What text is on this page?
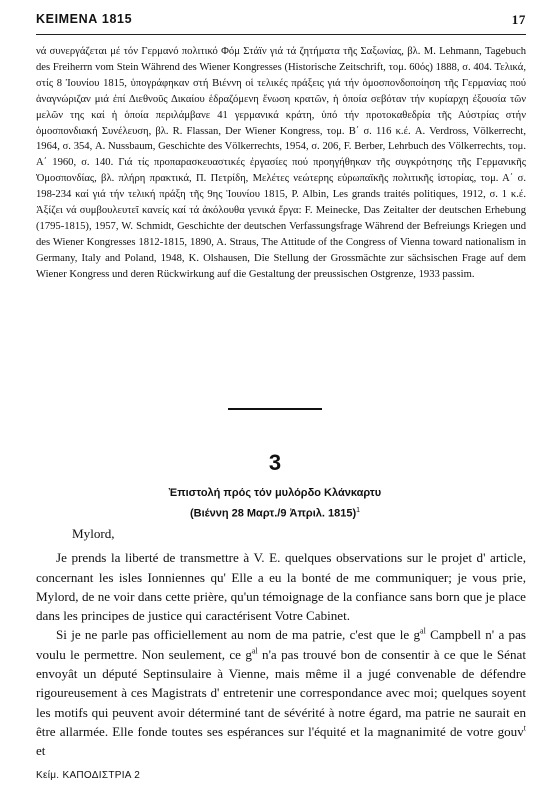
ΚΕΙΜΕΝΑ 1815	17

νά συνεργάζεται μέ τόν Γερμανό πολιτικό Φόμ Στάϊν γιά τά ζητήματα τῆς Σαξωνίας, βλ. M. Lehmann, Tagebuch des Freiherrn vom Stein Während des Wiener Kongresses (Historische Zeitschrift, τομ. 60ός) 1888, σ. 404. Τελικά, στίς 8 Ἰουνίου 1815, ὑπογράφηκαν στή Βιέννη οἱ τελικές πράξεις γιά τήν ὁμοσπονδοποίηση τῆς Γερμανίας πού ἀναγνώριζαν μιά ἐπί Διεθνοῦς Δικαίου ἑδραζόμενη ἕνωση κρατῶν, ἡ ὁποία σεβόταν τήν κυρίαρχη ἐξουσία τῶν μελῶν της καί ἡ ὁποία περιλάμβανε 41 γερμανικά κράτη, ὑπό τήν προτοκαθεδρία τῆς Αὐστρίας στήν ὁμοσπονδιακή Συνέλευση, βλ. R. Flassan, Der Wiener Kongress, τομ. Β΄ σ. 116 κ.έ. A. Verdross, Völkerrecht, 1964, σ. 354, A. Nussbaum, Geschichte des Völkerrechts, 1954, σ. 206, F. Berber, Lehrbuch des Völkerrechts, τομ. Α΄ 1960, σ. 140. Γιά τίς προπαρασκευαστικές ἐργασίες πού προηγήθηκαν τῆς συγκρότησης τῆς Γερμανικῆς Ὁμοσπονδίας, βλ. πλήρη πρακτικά, Π. Πετρίδη, Μελέτες νεώτερης εὐρωπαϊκῆς πολιτικῆς ἱστορίας, τομ. Α΄ σ. 198-234 καί γιά τήν τελική πράξη τῆς 9ης Ἰουνίου 1815, P. Albin, Les grands traités politiques, 1912, σ. 1 κ.έ. Ἀξίζει νά συμβουλευτεῖ κανείς καί τά ἀκόλουθα γενικά ἔργα: F. Meinecke, Das Zeitalter der deutschen Erhebung (1795-1815), 1957, W. Schmidt, Geschichte der deutschen Verfassungsfrage Während der Befreiungs Kriegen und des Wiener Kongresses 1812-1815, 1890, A. Straus, The Attitude of the Congress of Vienna toward nationalism in Germany, Italy and Poland, 1948, K. Olshausen, Die Stellung der Grossmächte zur sächsischen Frage auf dem Wiener Kongress und deren Rückwirkung auf die Gestaltung der preussischen Ostgrenze, 1933 passim.

3
Ἐπιστολή πρός τόν μυλόρδο Κλάνκαρτυ
(Βιέννη 28 Μαρτ./9 Ἀπριλ. 1815)$^1$

Mylord,

Je prends la liberté de transmettre à V. E. quelques observations sur le projet d' article, concernant les isles Ionniennes qu' Elle a eu la bonté de me communiquer; je vous prie, Mylord, de ne voir dans cette prière, qu'un témoignage de la confiance sans born que je place dans les principes de justice qui caractérisent Votre Cabinet.

Si je ne parle pas officiellement au nom de ma patrie, c'est que le $g^{al}$ Campbell n' a pas voulu le permettre. Non seulement, ce $g^{al}$ n'a pas trouvé bon de consentir à ce que le Sénat envoyât un député Septinsulaire à Vienne, mais même il a jugé convenable de défendre rigoureusement à ces Magistrats d' entretenir une correspondance avec moi; quelques soyent les motifs qui peuvent avoir déterminé tant de sévérité à notre égard, ma patrie ne saurait en être allarmée. Elle fonde toutes ses espérances sur l'équité et la magnanimité de votre gouv$^t$ et

Κείμ. ΚΑΠΟΔΙΣΤΡΙΑ 2
